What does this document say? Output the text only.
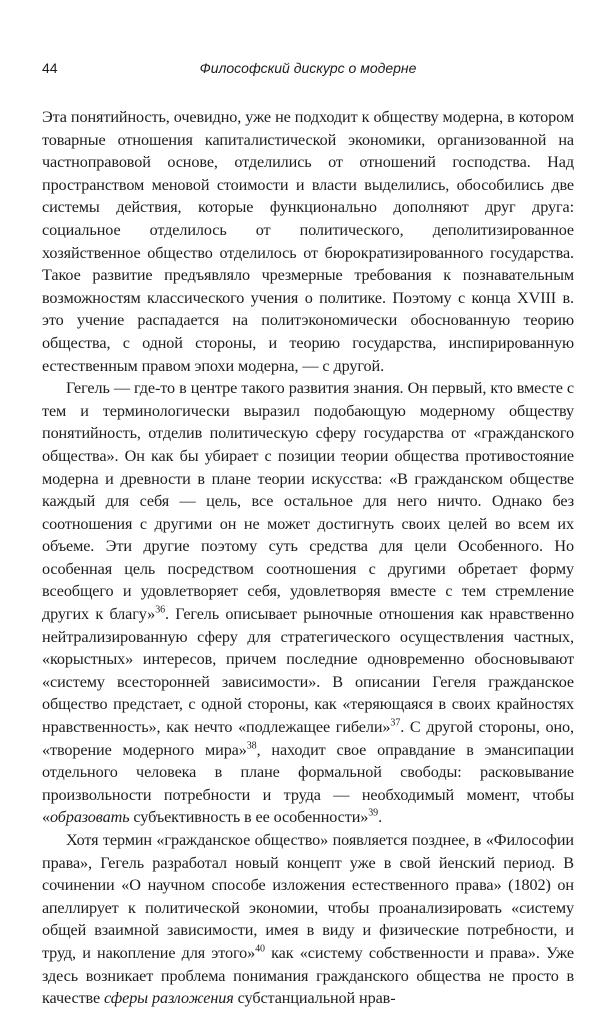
44	Философский дискурс о модерне

Эта понятийность, очевидно, уже не подходит к обществу модерна, в котором товарные отношения капиталистической экономики, организованной на частноправовой основе, отделились от отношений господства. Над пространством меновой стоимости и власти выделились, обособились две системы действия, которые функционально дополняют друг друга: социальное отделилось от политического, деполитизированное хозяйственное общество отделилось от бюрократизированного государства. Такое развитие предъявляло чрезмерные требования к познавательным возможностям классического учения о политике. Поэтому с конца XVIII в. это учение распадается на политэкономически обоснованную теорию общества, с одной стороны, и теорию государства, инспирированную естественным правом эпохи модерна, — с другой.

Гегель — где-то в центре такого развития знания. Он первый, кто вместе с тем и терминологически выразил подобающую модерному обществу понятийность, отделив политическую сферу государства от «гражданского общества». Он как бы убирает с позиции теории общества противостояние модерна и древности в плане теории искусства: «В гражданском обществе каждый для себя — цель, все остальное для него ничто. Однако без соотношения с другими он не может достигнуть своих целей во всем их объеме. Эти другие поэтому суть средства для цели Особенного. Но особенная цель посредством соотношения с другими обретает форму всеобщего и удовлетворяет себя, удовлетворяя вместе с тем стремление других к благу»$^{36}$. Гегель описывает рыночные отношения как нравственно нейтрализированную сферу для стратегического осуществления частных, «корыстных» интересов, причем последние одновременно обосновывают «систему всесторонней зависимости». В описании Гегеля гражданское общество предстает, с одной стороны, как «теряющаяся в своих крайностях нравственность», как нечто «подлежащее гибели»$^{37}$. С другой стороны, оно, «творение модерного мира»$^{38}$, находит свое оправдание в эмансипации отдельного человека в плане формальной свободы: расковывание произвольности потребности и труда — необходимый момент, чтобы «образовать субъективность в ее особенности»$^{39}$.

Хотя термин «гражданское общество» появляется позднее, в «Философии права», Гегель разработал новый концепт уже в свой йенский период. В сочинении «О научном способе изложения естественного права» (1802) он апеллирует к политической экономии, чтобы проанализировать «систему общей взаимной зависимости, имея в виду и физические потребности, и труд, и накопление для этого»$^{40}$ как «систему собственности и права». Уже здесь возникает проблема понимания гражданского общества не просто в качестве сферы разложения субстанциальной нрав-
